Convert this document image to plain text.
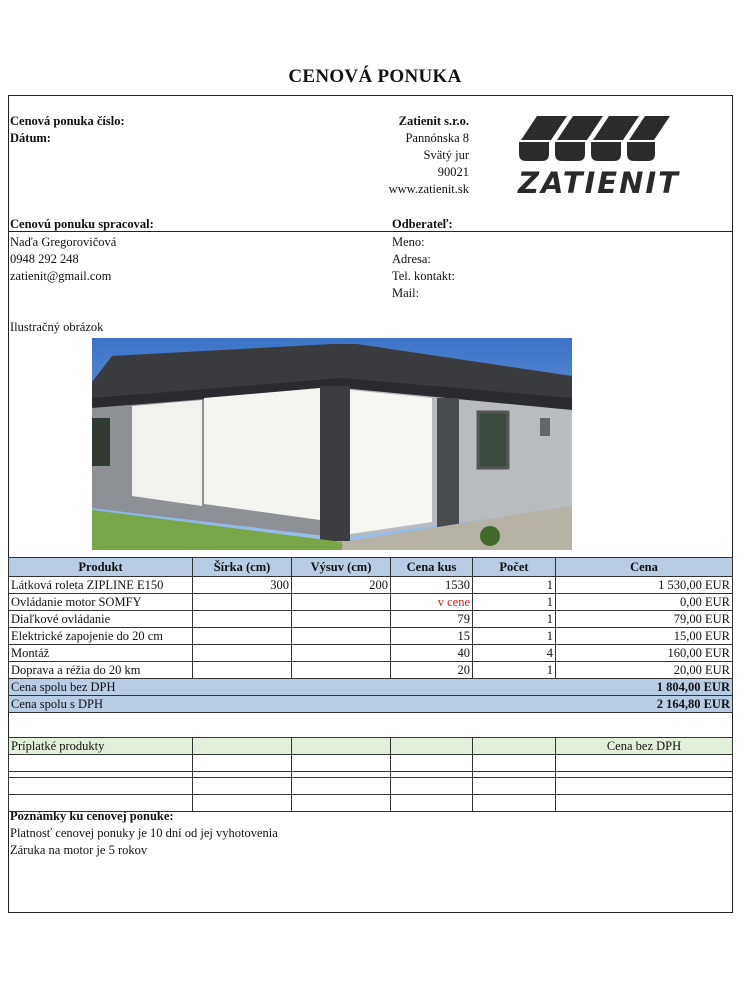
CENOVÁ PONUKA
Cenová ponuka číslo:
Dátum:
Zatienit s.r.o.
Pannónska 8
Svätý jur
90021
www.zatienit.sk ZATIENIT
Cenovú ponuku spracoval:
Naďa Gregorovičová
0948 292 248
zatienit@gmail.com
Odberateľ:
Meno:
Adresa:
Tel. kontakt:
Mail:
Ilustračný obrázok
Produkt	Šírka (cm)	Výsuv (cm)	Cena kus	Počet	Cena
Látková roleta ZIPLINE E150	300	200	1530	1	1 530,00 EUR
Ovládanie motor SOMFY			v cene	1	0,00 EUR
Diaľkové ovládanie			79	1	79,00 EUR
Elektrické zapojenie do 20 cm			15	1	15,00 EUR
Montáž			40	4	160,00 EUR
Doprava a réžia do 20 km			20	1	20,00 EUR
Cena spolu bez DPH					1 804,00 EUR
Cena spolu s DPH					2 164,80 EUR
Príplatké produkty					Cena bez DPH

Poznámky ku cenovej ponuke:
Platnosť cenovej ponuky je 10 dní od jej vyhotovenia
Záruka na motor je 5 rokov
